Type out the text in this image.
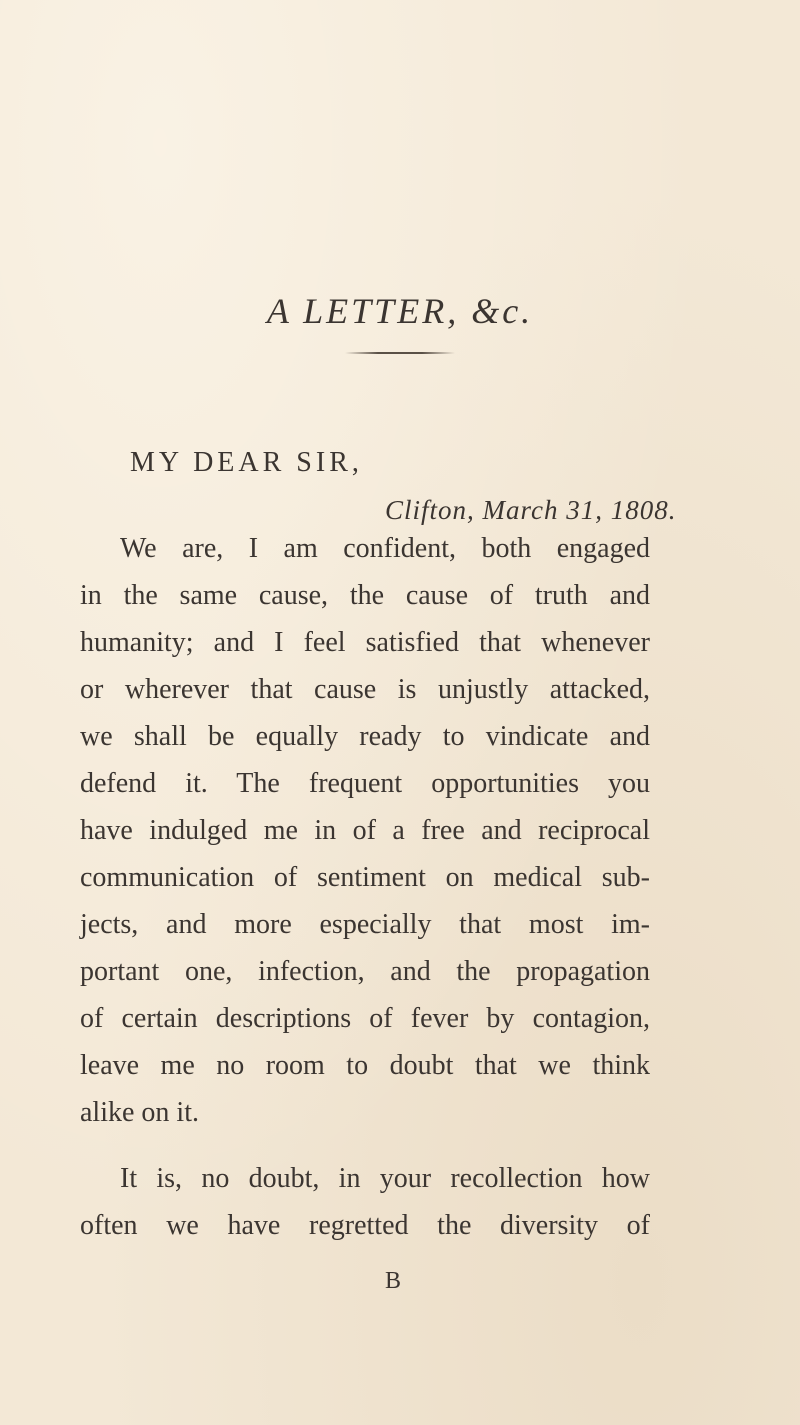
A LETTER, &c.
MY DEAR SIR,
Clifton, March 31, 1808.
We are, I am confident, both engaged
in the same cause, the cause of truth and
humanity; and I feel satisfied that whenever
or wherever that cause is unjustly attacked,
we shall be equally ready to vindicate and
defend it. The frequent opportunities you
have indulged me in of a free and reciprocal
communication of sentiment on medical sub-
jects, and more especially that most im-
portant one, infection, and the propagation
of certain descriptions of fever by contagion,
leave me no room to doubt that we think
alike on it.
It is, no doubt, in your recollection how
often we have regretted the diversity of
B
